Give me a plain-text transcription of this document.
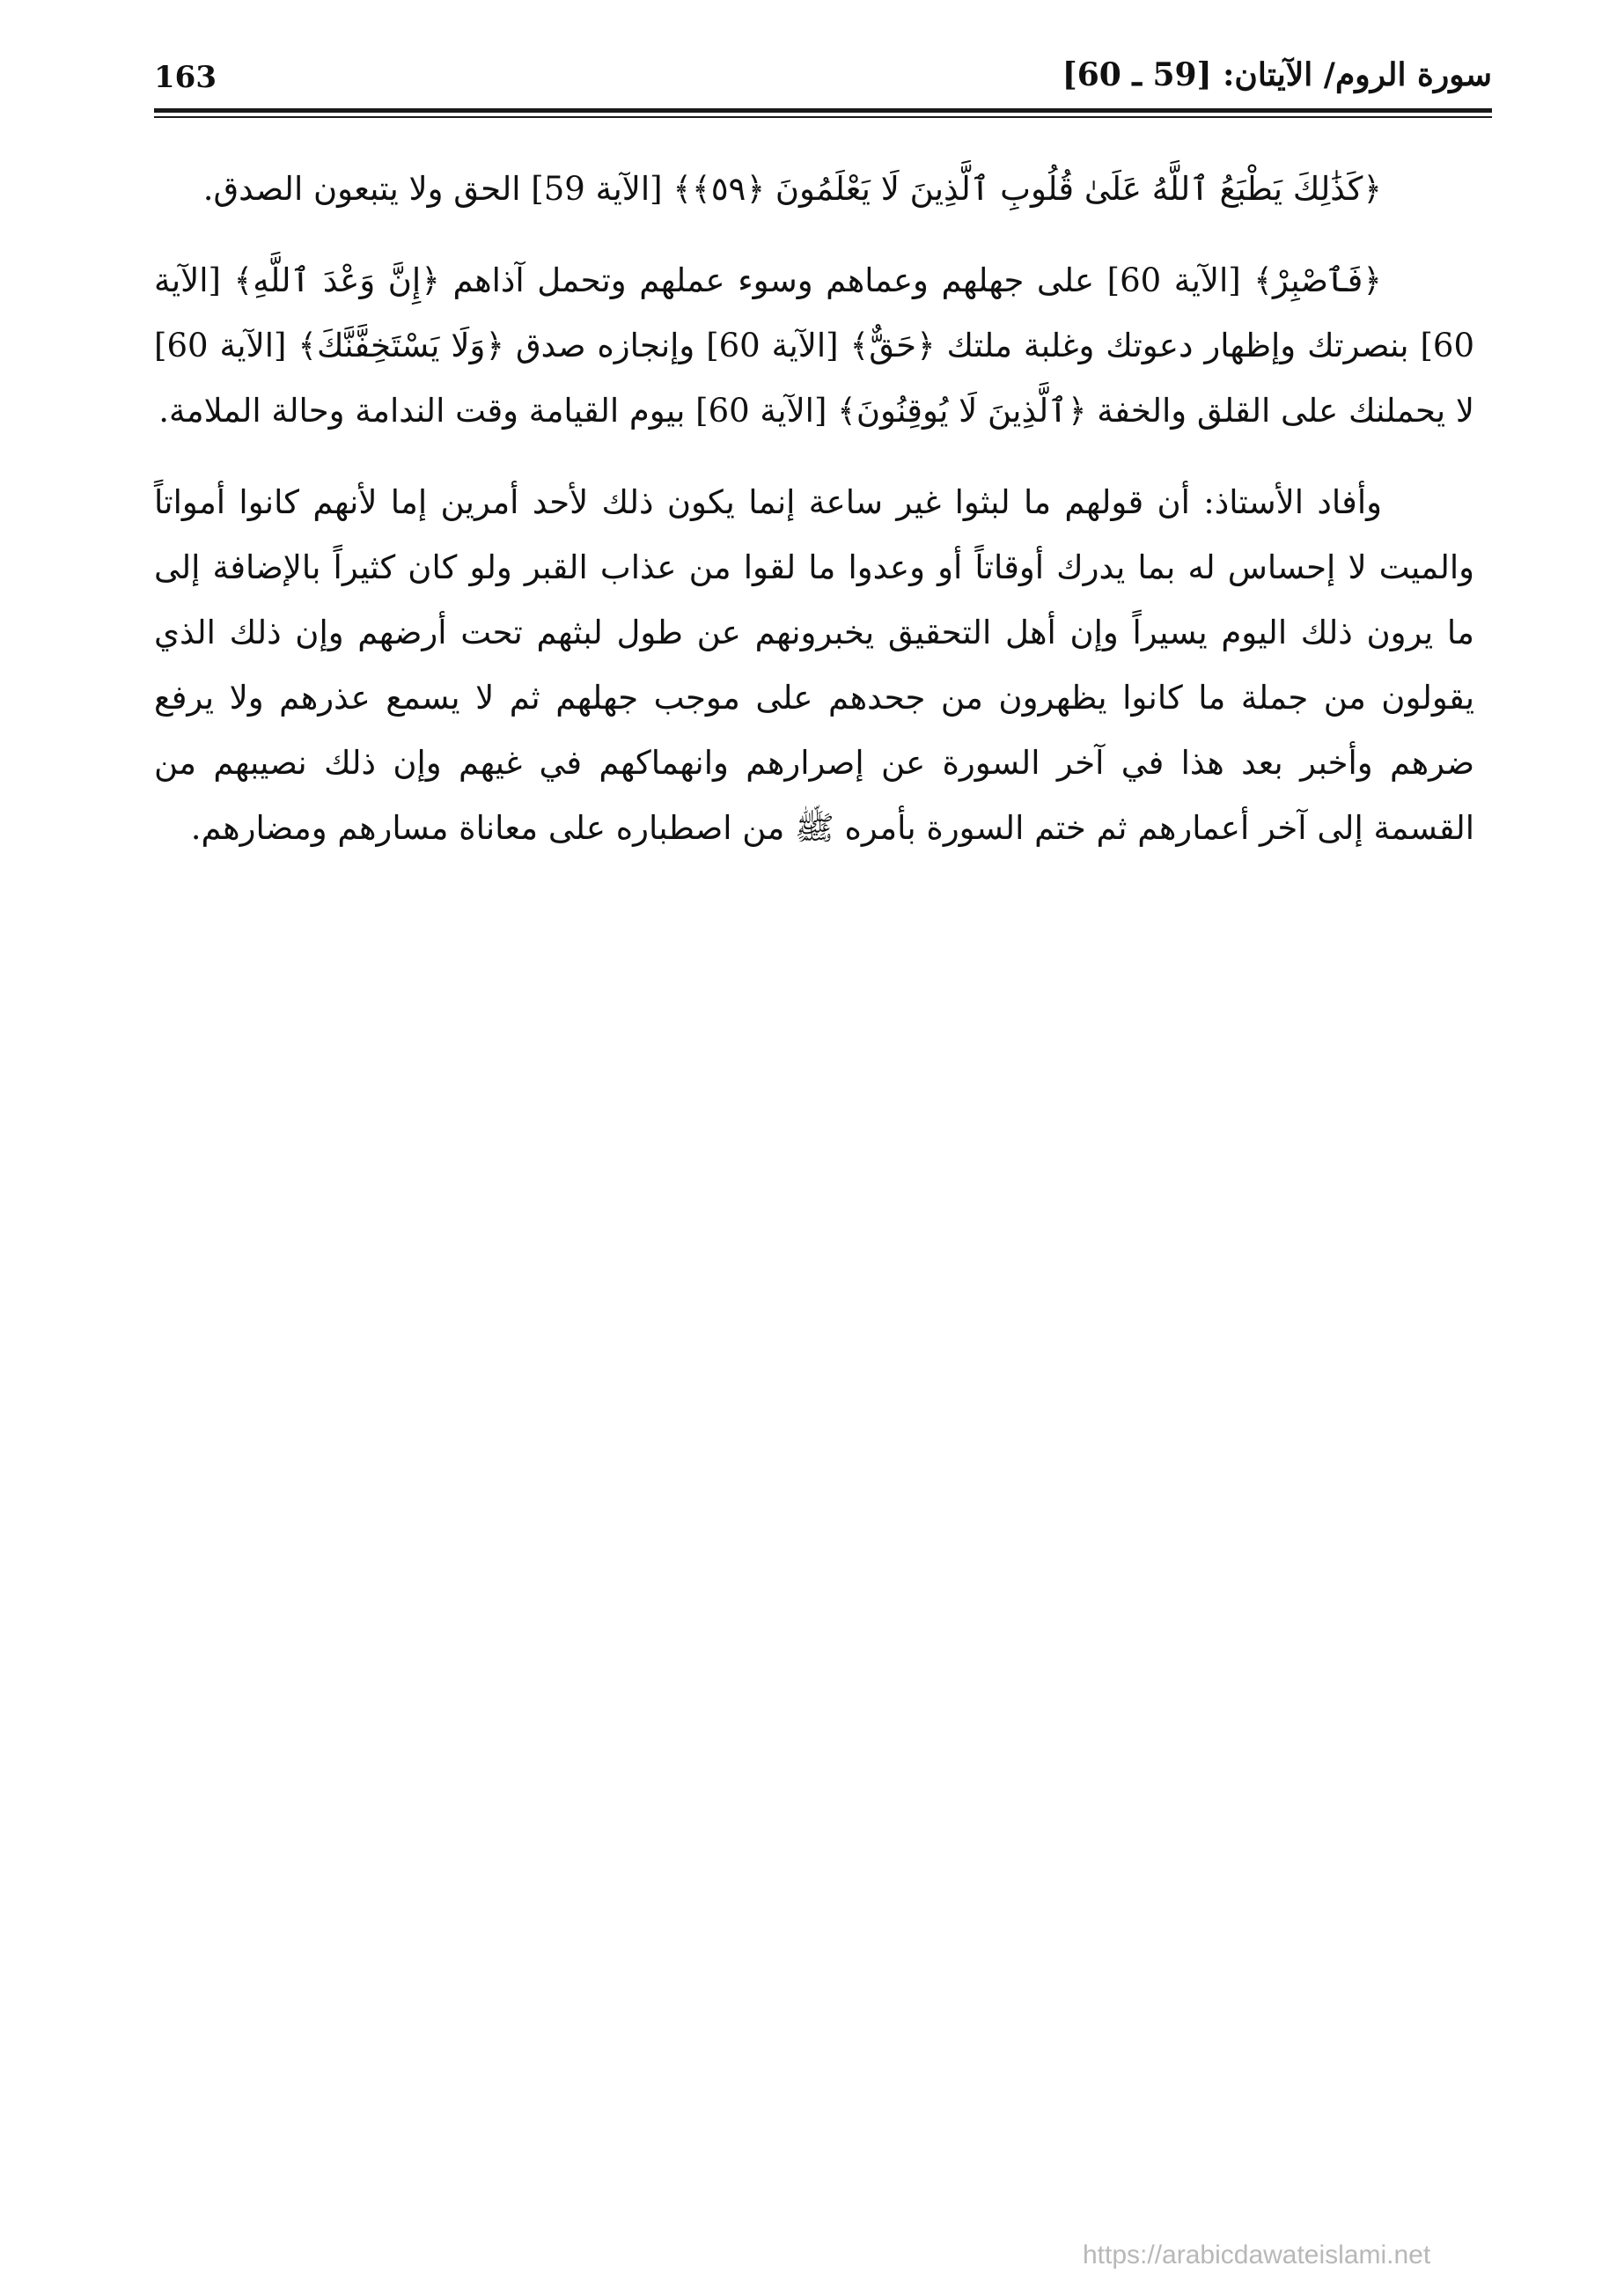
163	سورة الروم/ الآيتان: [59 ـ 60]

﴿كَذَٰلِكَ يَطْبَعُ ٱللَّهُ عَلَىٰ قُلُوبِ ٱلَّذِينَ لَا يَعْلَمُونَ ﴿٥٩﴾﴾ [الآية 59] الحق ولا يتبعون الصدق.

﴿فَٱصْبِرْ﴾ [الآية 60] على جهلهم وعماهم وسوء عملهم وتحمل آذاهم ﴿إِنَّ وَعْدَ ٱللَّهِ﴾ [الآية 60] بنصرتك وإظهار دعوتك وغلبة ملتك ﴿حَقٌّ﴾ [الآية 60] وإنجازه صدق ﴿وَلَا يَسْتَخِفَّنَّكَ﴾ [الآية 60] لا يحملنك على القلق والخفة ﴿ٱلَّذِينَ لَا يُوقِنُونَ﴾ [الآية 60] بيوم القيامة وقت الندامة وحالة الملامة.

وأفاد الأستاذ: أن قولهم ما لبثوا غير ساعة إنما يكون ذلك لأحد أمرين إما لأنهم كانوا أمواتاً والميت لا إحساس له بما يدرك أوقاتاً أو وعدوا ما لقوا من عذاب القبر ولو كان كثيراً بالإضافة إلى ما يرون ذلك اليوم يسيراً وإن أهل التحقيق يخبرونهم عن طول لبثهم تحت أرضهم وإن ذلك الذي يقولون من جملة ما كانوا يظهرون من جحدهم على موجب جهلهم ثم لا يسمع عذرهم ولا يرفع ضرهم وأخبر بعد هذا في آخر السورة عن إصرارهم وانهماكهم في غيهم وإن ذلك نصيبهم من القسمة إلى آخر أعمارهم ثم ختم السورة بأمره ﷺ من اصطباره على معاناة مسارهم ومضارهم.

https://arabicdawateislami.net
